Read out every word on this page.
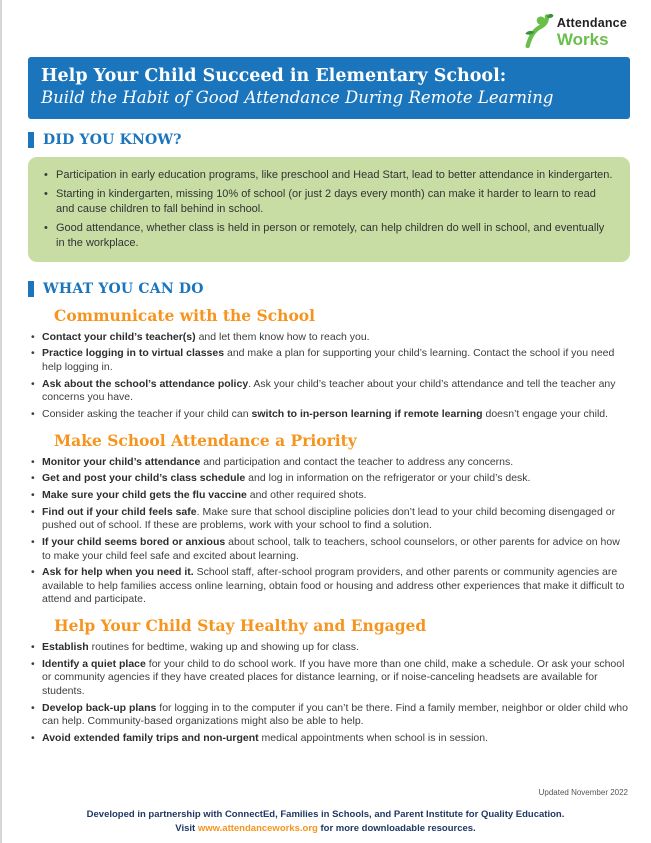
Attendance
Works
Help Your Child Succeed in Elementary School:
Build the Habit of Good Attendance During Remote Learning
DID YOU KNOW?
• Participation in early education programs, like preschool and Head Start, lead to better attendance in kindergarten.
• Starting in kindergarten, missing 10% of school (or just 2 days every month) can make it harder to learn to read and cause children to fall behind in school.
• Good attendance, whether class is held in person or remotely, can help children do well in school, and eventually in the workplace.
WHAT YOU CAN DO
Communicate with the School
• Contact your child’s teacher(s) and let them know how to reach you.
• Practice logging in to virtual classes and make a plan for supporting your child’s learning. Contact the school if you need help logging in.
• Ask about the school’s attendance policy. Ask your child’s teacher about your child’s attendance and tell the teacher any concerns you have.
• Consider asking the teacher if your child can switch to in-person learning if remote learning doesn’t engage your child.
Make School Attendance a Priority
• Monitor your child’s attendance and participation and contact the teacher to address any concerns.
• Get and post your child’s class schedule and log in information on the refrigerator or your child’s desk.
• Make sure your child gets the flu vaccine and other required shots.
• Find out if your child feels safe. Make sure that school discipline policies don’t lead to your child becoming disengaged or pushed out of school. If these are problems, work with your school to find a solution.
• If your child seems bored or anxious about school, talk to teachers, school counselors, or other parents for advice on how to make your child feel safe and excited about learning.
• Ask for help when you need it. School staff, after-school program providers, and other parents or community agencies are available to help families access online learning, obtain food or housing and address other experiences that make it difficult to attend and participate.
Help Your Child Stay Healthy and Engaged
• Establish routines for bedtime, waking up and showing up for class.
• Identify a quiet place for your child to do school work. If you have more than one child, make a schedule. Or ask your school or community agencies if they have created places for distance learning, or if noise-canceling headsets are available for students.
• Develop back-up plans for logging in to the computer if you can’t be there. Find a family member, neighbor or older child who can help. Community-based organizations might also be able to help.
• Avoid extended family trips and non-urgent medical appointments when school is in session.
Updated November 2022
Developed in partnership with ConnectEd, Families in Schools, and Parent Institute for Quality Education.
Visit www.attendanceworks.org for more downloadable resources.
